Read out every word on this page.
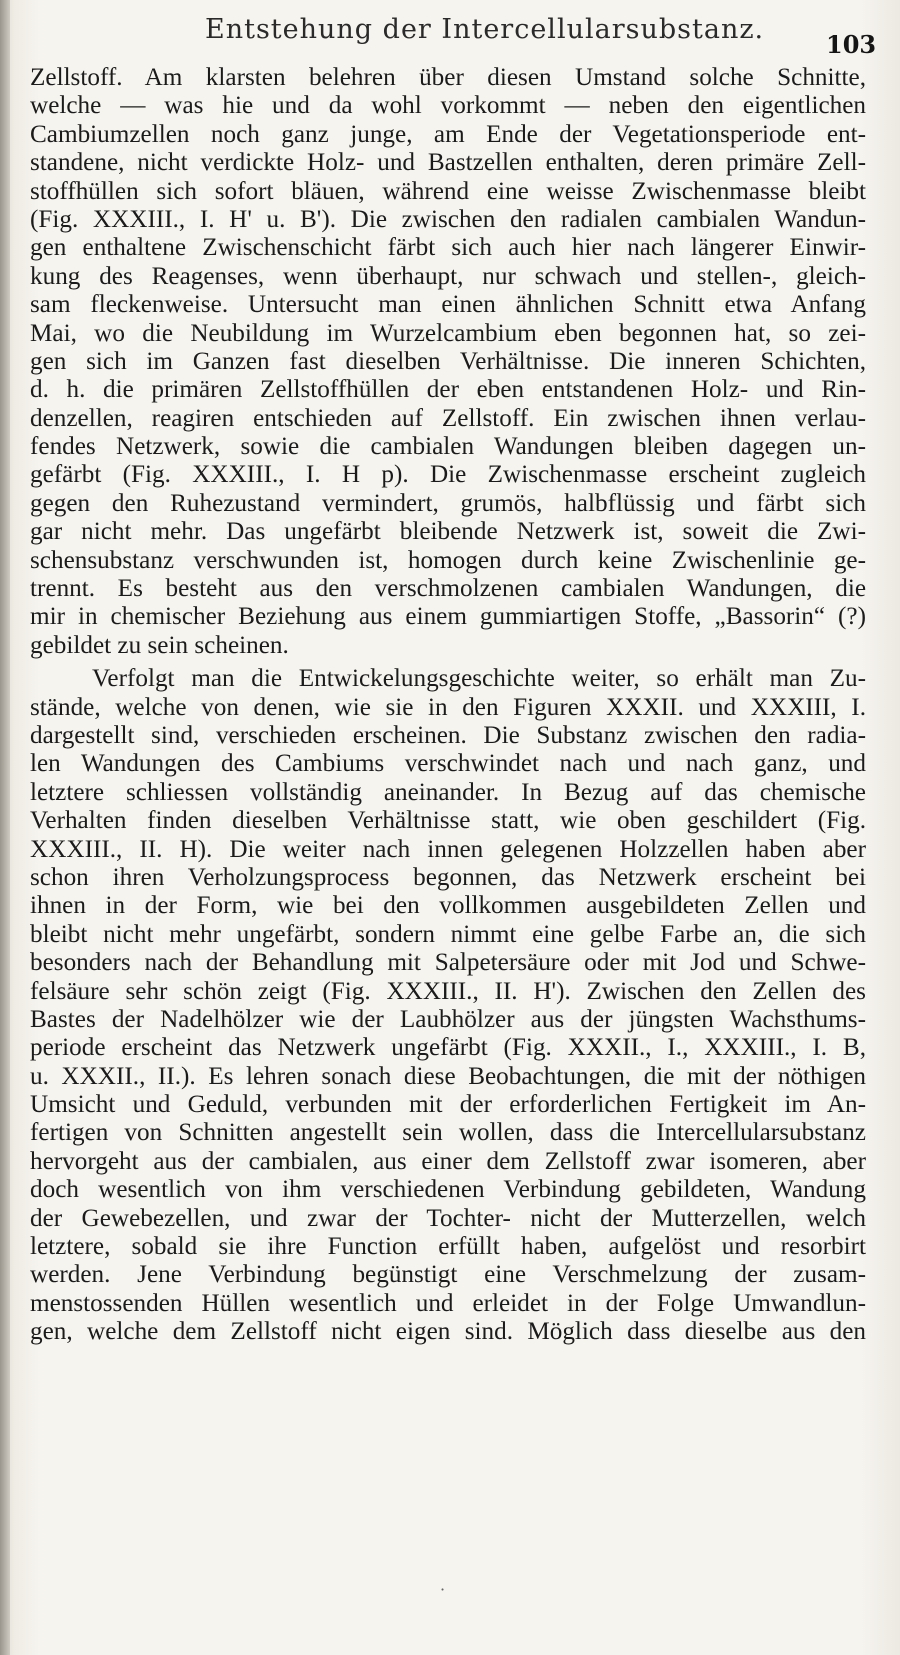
Entstehung der Intercellularsubstanz.	103
Zellstoff. Am klarsten belehren über diesen Umstand solche Schnitte,
welche — was hie und da wohl vorkommt — neben den eigentlichen
Cambiumzellen noch ganz junge, am Ende der Vegetationsperiode ent-
standene, nicht verdickte Holz- und Bastzellen enthalten, deren primäre Zell-
stoffhüllen sich sofort bläuen, während eine weisse Zwischenmasse bleibt
(Fig. XXXIII., I. H' u. B'). Die zwischen den radialen cambialen Wandun-
gen enthaltene Zwischenschicht färbt sich auch hier nach längerer Einwir-
kung des Reagenses, wenn überhaupt, nur schwach und stellen-, gleich-
sam fleckenweise. Untersucht man einen ähnlichen Schnitt etwa Anfang
Mai, wo die Neubildung im Wurzelcambium eben begonnen hat, so zei-
gen sich im Ganzen fast dieselben Verhältnisse. Die inneren Schichten,
d. h. die primären Zellstoffhüllen der eben entstandenen Holz- und Rin-
denzellen, reagiren entschieden auf Zellstoff. Ein zwischen ihnen verlau-
fendes Netzwerk, sowie die cambialen Wandungen bleiben dagegen un-
gefärbt (Fig. XXXIII., I. H p). Die Zwischenmasse erscheint zugleich
gegen den Ruhezustand vermindert, grumös, halbflüssig und färbt sich
gar nicht mehr. Das ungefärbt bleibende Netzwerk ist, soweit die Zwi-
schensubstanz verschwunden ist, homogen durch keine Zwischenlinie ge-
trennt. Es besteht aus den verschmolzenen cambialen Wandungen, die
mir in chemischer Beziehung aus einem gummiartigen Stoffe, „Bassorin“ (?)
gebildet zu sein scheinen.
Verfolgt man die Entwickelungsgeschichte weiter, so erhält man Zu-
stände, welche von denen, wie sie in den Figuren XXXII. und XXXIII, I.
dargestellt sind, verschieden erscheinen. Die Substanz zwischen den radia-
len Wandungen des Cambiums verschwindet nach und nach ganz, und
letztere schliessen vollständig aneinander. In Bezug auf das chemische
Verhalten finden dieselben Verhältnisse statt, wie oben geschildert (Fig.
XXXIII., II. H). Die weiter nach innen gelegenen Holzzellen haben aber
schon ihren Verholzungsprocess begonnen, das Netzwerk erscheint bei
ihnen in der Form, wie bei den vollkommen ausgebildeten Zellen und
bleibt nicht mehr ungefärbt, sondern nimmt eine gelbe Farbe an, die sich
besonders nach der Behandlung mit Salpetersäure oder mit Jod und Schwe-
felsäure sehr schön zeigt (Fig. XXXIII., II. H'). Zwischen den Zellen des
Bastes der Nadelhölzer wie der Laubhölzer aus der jüngsten Wachsthums-
periode erscheint das Netzwerk ungefärbt (Fig. XXXII., I., XXXIII., I. B,
u. XXXII., II.). Es lehren sonach diese Beobachtungen, die mit der nöthigen
Umsicht und Geduld, verbunden mit der erforderlichen Fertigkeit im An-
fertigen von Schnitten angestellt sein wollen, dass die Intercellularsubstanz
hervorgeht aus der cambialen, aus einer dem Zellstoff zwar isomeren, aber
doch wesentlich von ihm verschiedenen Verbindung gebildeten, Wandung
der Gewebezellen, und zwar der Tochter- nicht der Mutterzellen, welch
letztere, sobald sie ihre Function erfüllt haben, aufgelöst und resorbirt
werden. Jene Verbindung begünstigt eine Verschmelzung der zusam-
menstossenden Hüllen wesentlich und erleidet in der Folge Umwandlun-
gen, welche dem Zellstoff nicht eigen sind. Möglich dass dieselbe aus den
·
